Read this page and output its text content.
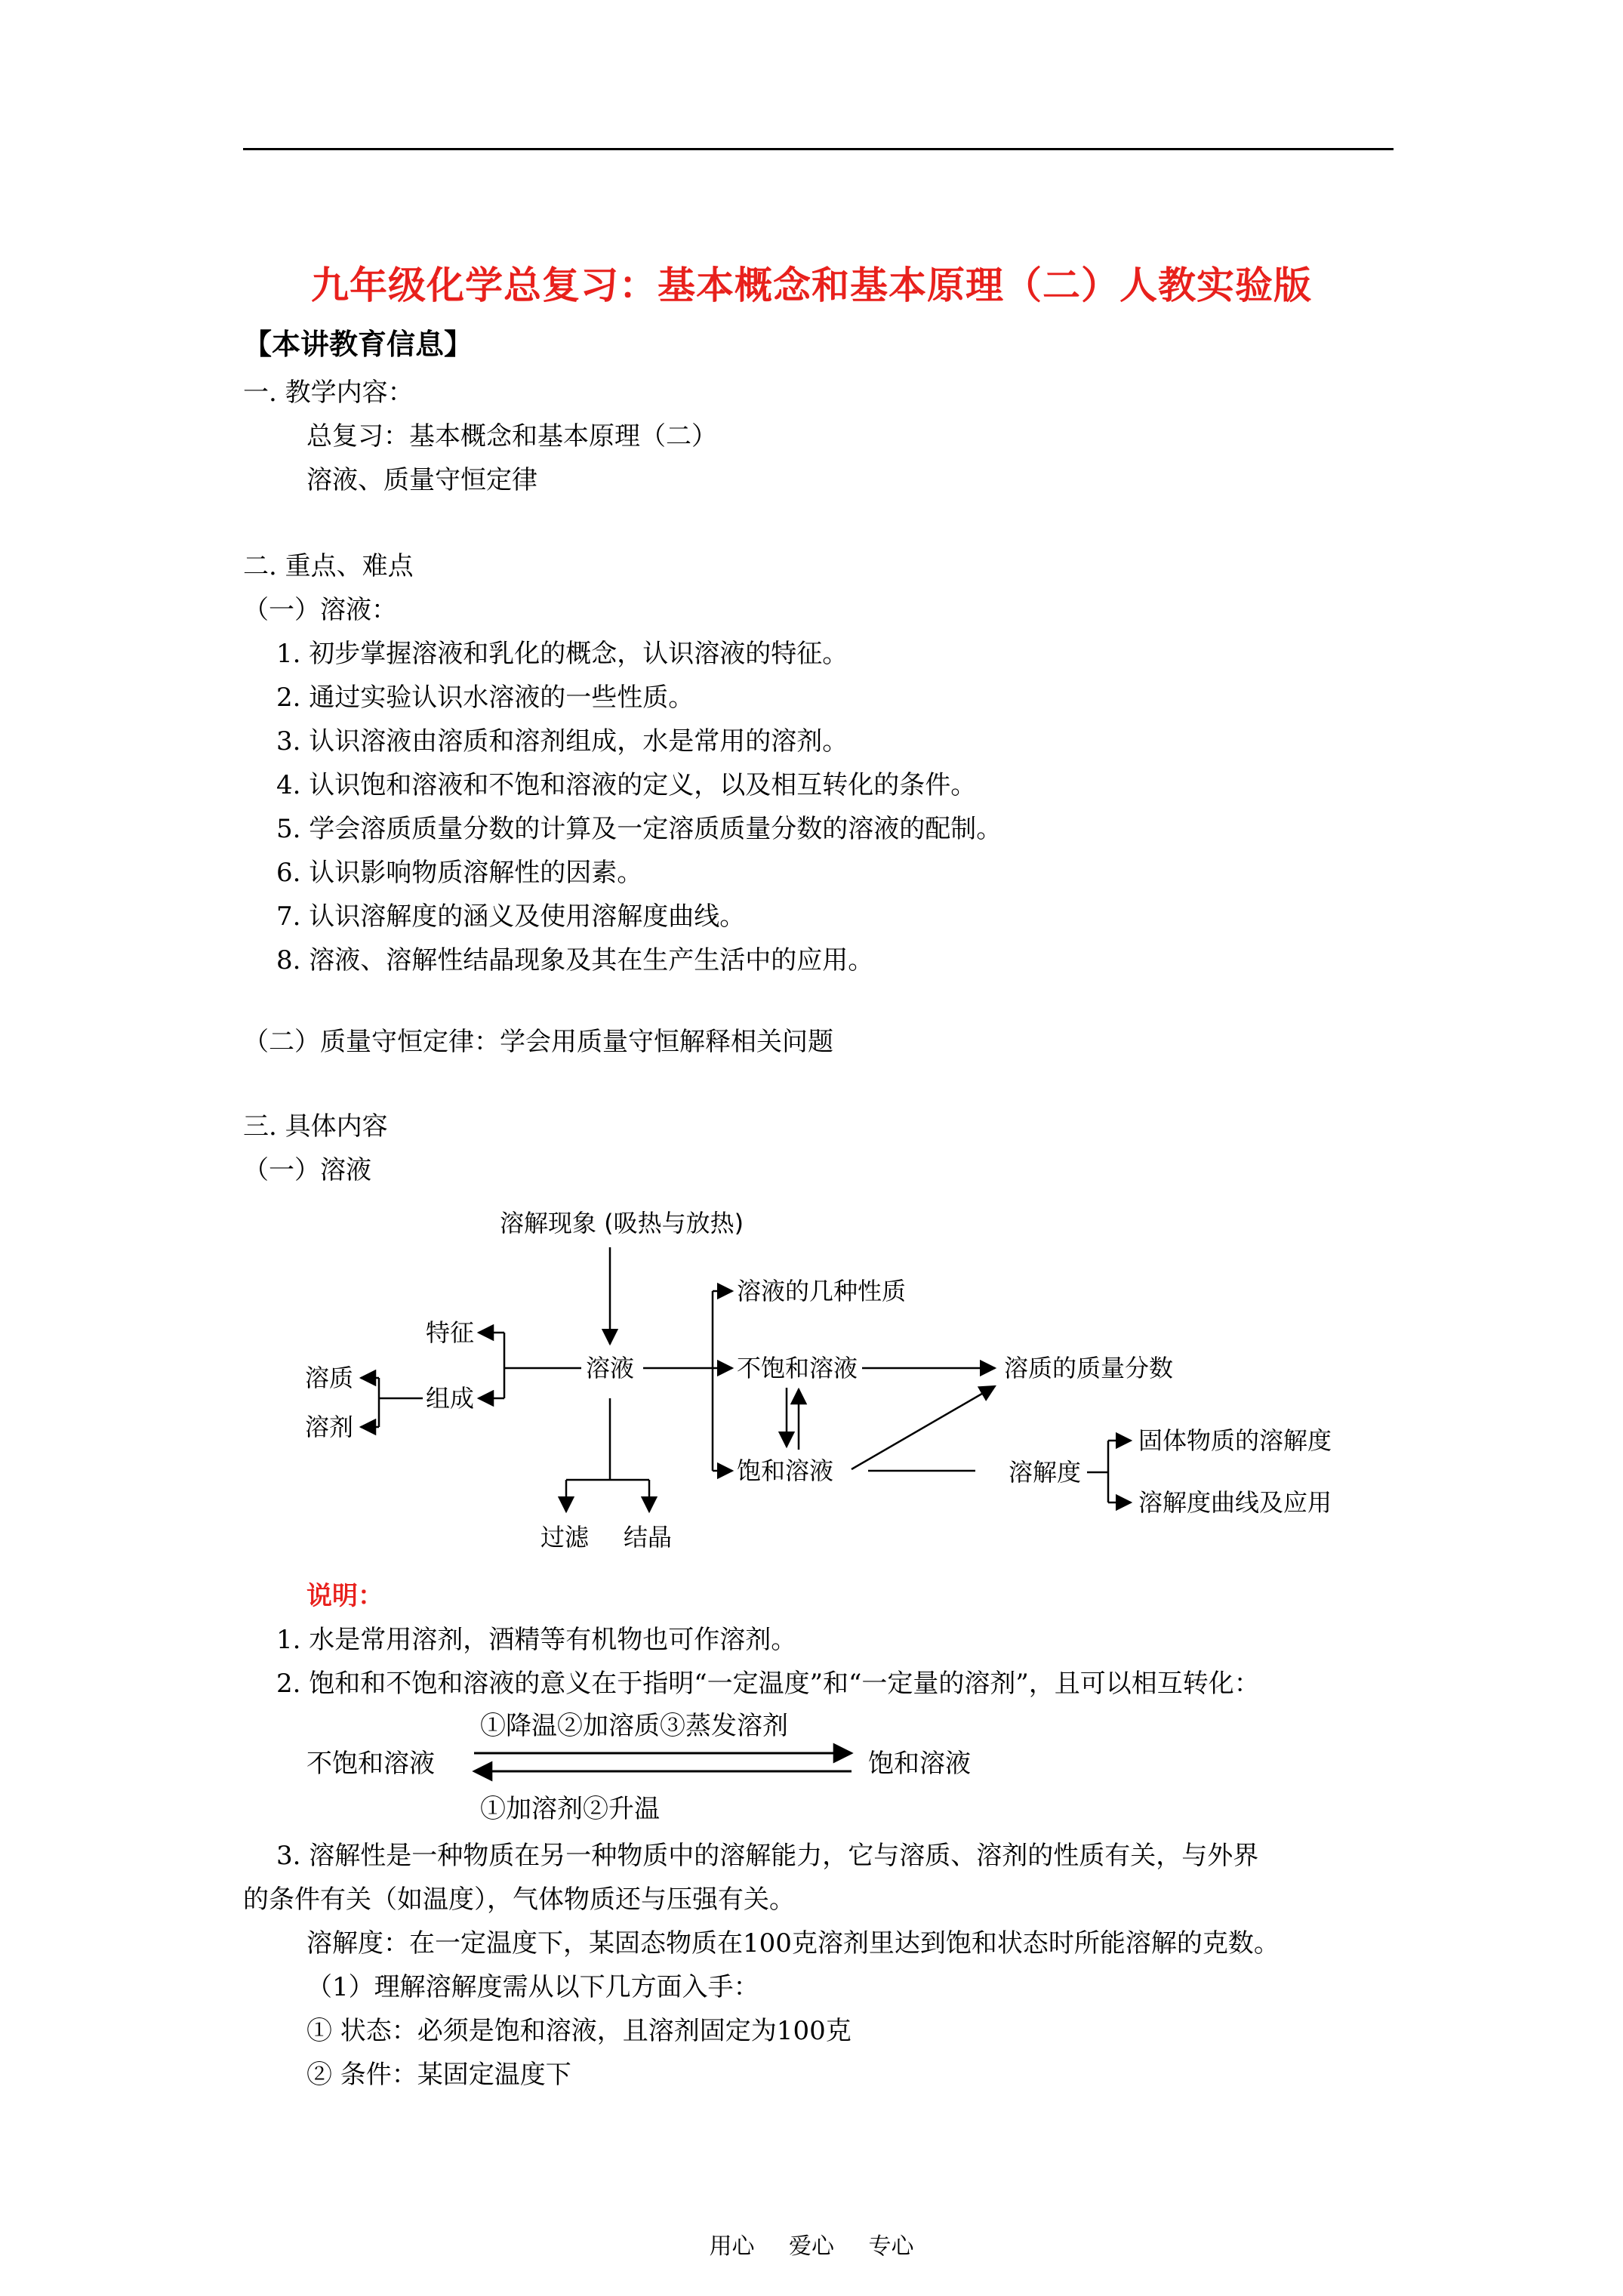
九年级化学总复习：基本概念和基本原理（二）人教实验版
【本讲教育信息】
一. 教学内容：
总复习：基本概念和基本原理（二）
溶液、质量守恒定律
二. 重点、难点
（一）溶液：
1. 初步掌握溶液和乳化的概念，认识溶液的特征。
2. 通过实验认识水溶液的一些性质。
3. 认识溶液由溶质和溶剂组成，水是常用的溶剂。
4. 认识饱和溶液和不饱和溶液的定义，以及相互转化的条件。
5. 学会溶质质量分数的计算及一定溶质质量分数的溶液的配制。
6. 认识影响物质溶解性的因素。
7. 认识溶解度的涵义及使用溶解度曲线。
8. 溶液、溶解性结晶现象及其在生产生活中的应用。
（二）质量守恒定律：学会用质量守恒解释相关问题
三. 具体内容
（一）溶液
溶解现象 (吸热与放热)
溶液
特征
组成
溶质
溶剂
过滤 结晶
溶液的几种性质
不饱和溶液
饱和溶液
溶质的质量分数
溶解度
固体物质的溶解度
溶解度曲线及应用
说明：
1. 水是常用溶剂，酒精等有机物也可作溶剂。
2. 饱和和不饱和溶液的意义在于指明“一定温度”和“一定量的溶剂”，且可以相互转化：
不饱和溶液	饱和溶液
①降温②加溶质③蒸发溶剂
①加溶剂②升温
3. 溶解性是一种物质在另一种物质中的溶解能力，它与溶质、溶剂的性质有关，与外界
的条件有关（如温度），气体物质还与压强有关。
溶解度：在一定温度下，某固态物质在100克溶剂里达到饱和状态时所能溶解的克数。
（1）理解溶解度需从以下几方面入手：
① 状态：必须是饱和溶液，且溶剂固定为100克
② 条件：某固定温度下
用心 爱心 专心
